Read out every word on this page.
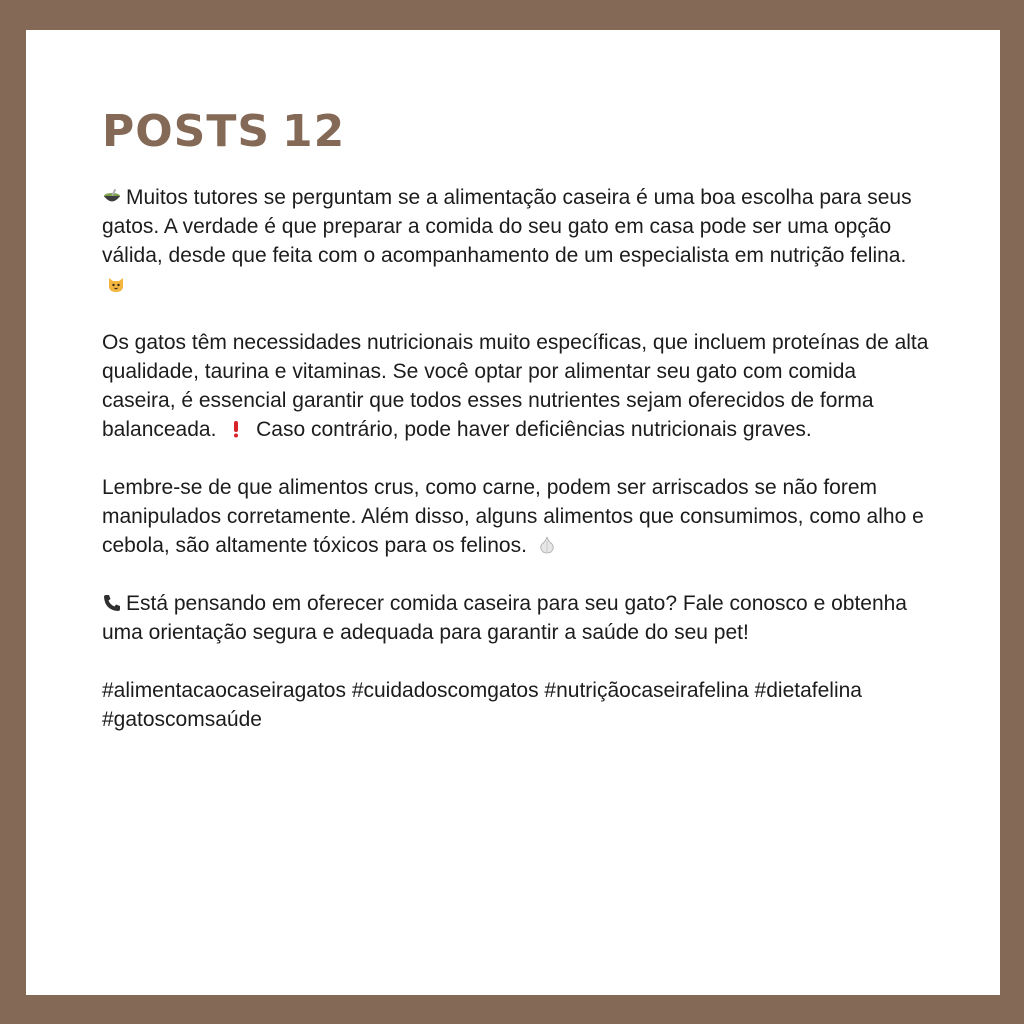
POSTS 12

Muitos tutores se perguntam se a alimentação caseira é uma boa escolha para seus gatos. A verdade é que preparar a comida do seu gato em casa pode ser uma opção válida, desde que feita com o acompanhamento de um especialista em nutrição felina.

Os gatos têm necessidades nutricionais muito específicas, que incluem proteínas de alta qualidade, taurina e vitaminas. Se você optar por alimentar seu gato com comida caseira, é essencial garantir que todos esses nutrientes sejam oferecidos de forma balanceada. Caso contrário, pode haver deficiências nutricionais graves.

Lembre-se de que alimentos crus, como carne, podem ser arriscados se não forem manipulados corretamente. Além disso, alguns alimentos que consumimos, como alho e cebola, são altamente tóxicos para os felinos.

Está pensando em oferecer comida caseira para seu gato? Fale conosco e obtenha uma orientação segura e adequada para garantir a saúde do seu pet!

#alimentacaocaseiragatos #cuidadoscomgatos #nutriçãocaseirafelina #dietafelina #gatoscomsaúde
